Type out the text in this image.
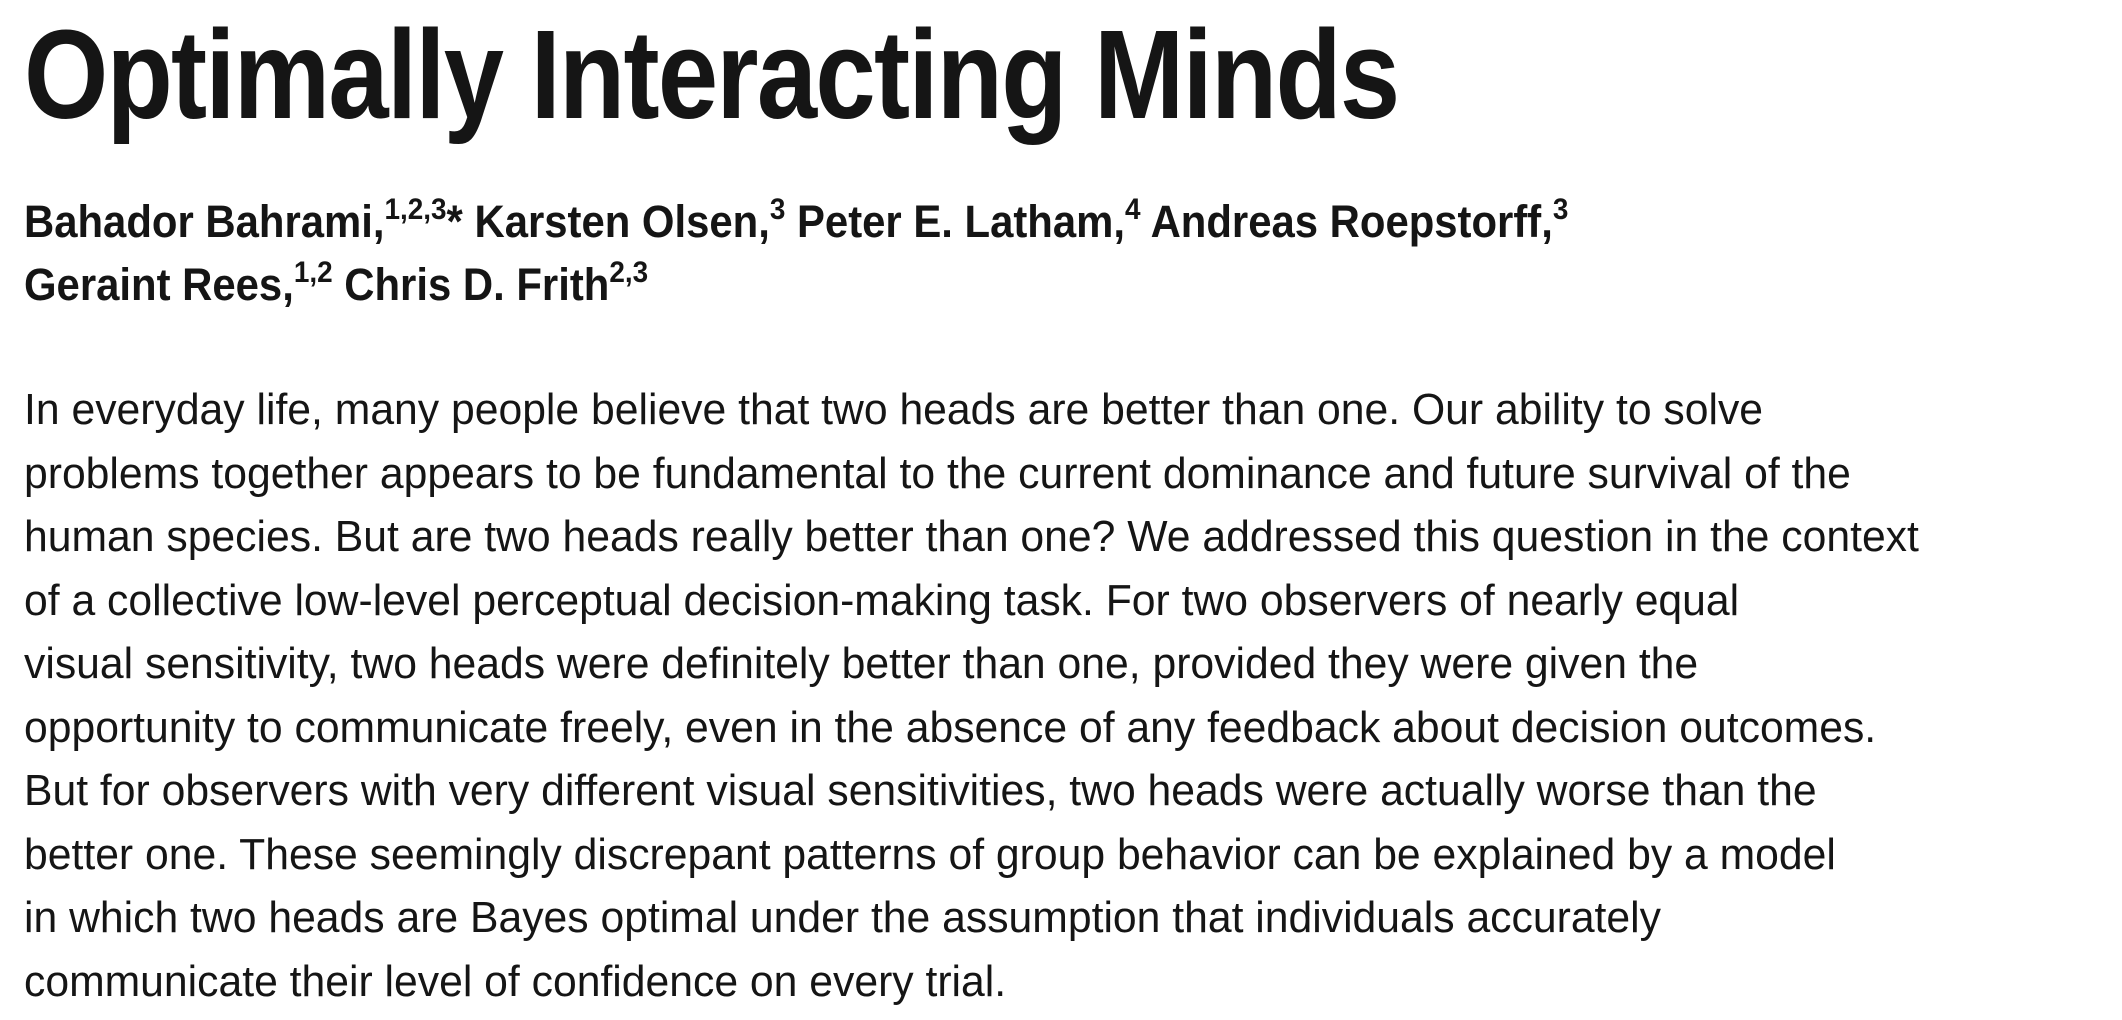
Optimally Interacting Minds
Bahador Bahrami,$^{1,2,3}$* Karsten Olsen,$^3$ Peter E. Latham,$^4$ Andreas Roepstorff,$^3$
Geraint Rees,$^{1,2}$ Chris D. Frith$^{2,3}$
In everyday life, many people believe that two heads are better than one. Our ability to solve
problems together appears to be fundamental to the current dominance and future survival of the
human species. But are two heads really better than one? We addressed this question in the context
of a collective low-level perceptual decision-making task. For two observers of nearly equal
visual sensitivity, two heads were definitely better than one, provided they were given the
opportunity to communicate freely, even in the absence of any feedback about decision outcomes.
But for observers with very different visual sensitivities, two heads were actually worse than the
better one. These seemingly discrepant patterns of group behavior can be explained by a model
in which two heads are Bayes optimal under the assumption that individuals accurately
communicate their level of confidence on every trial.
